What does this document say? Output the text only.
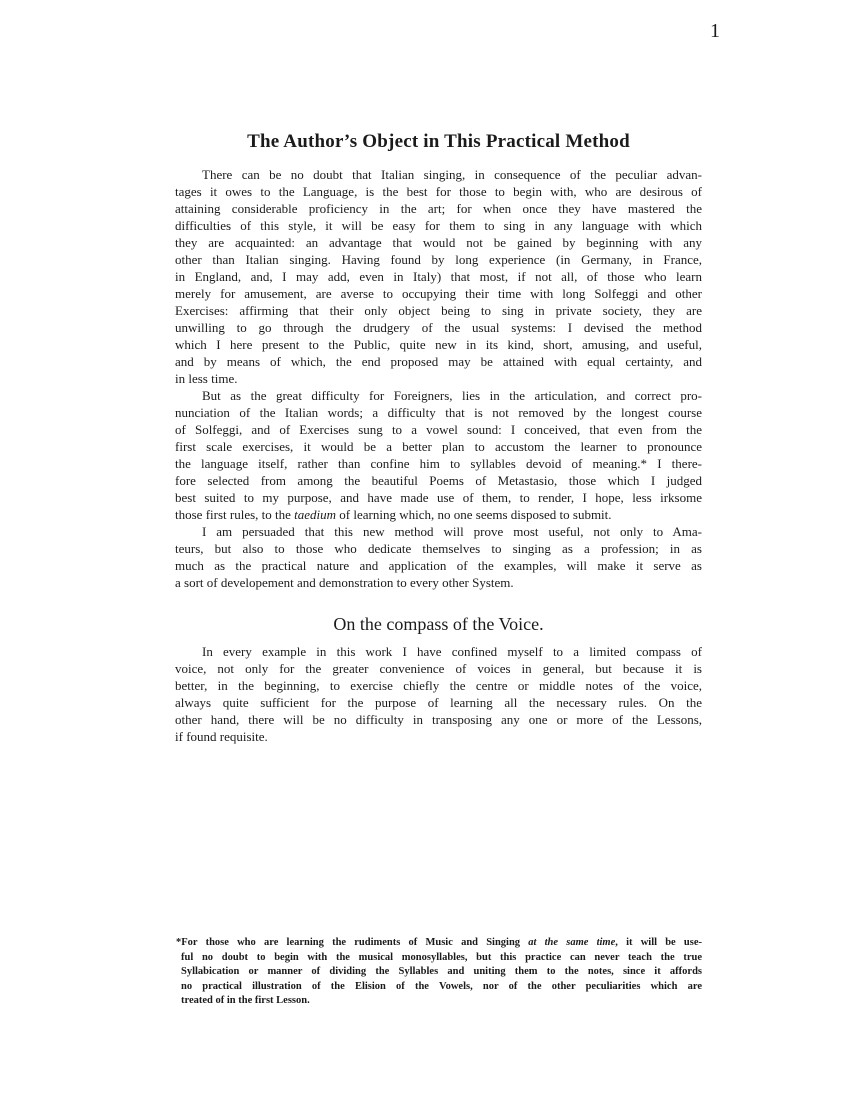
1
The Author’s Object in This Practical Method
There can be no doubt that Italian singing, in consequence of the peculiar advan-
tages it owes to the Language, is the best for those to begin with, who are desirous of
attaining considerable proficiency in the art; for when once they have mastered the
difficulties of this style, it will be easy for them to sing in any language with which
they are acquainted: an advantage that would not be gained by beginning with any
other than Italian singing. Having found by long experience (in Germany, in France,
in England, and, I may add, even in Italy) that most, if not all, of those who learn
merely for amusement, are averse to occupying their time with long Solfeggi and other
Exercises: affirming that their only object being to sing in private society, they are
unwilling to go through the drudgery of the usual systems: I devised the method
which I here present to the Public, quite new in its kind, short, amusing, and useful,
and by means of which, the end proposed may be attained with equal certainty, and
in less time.
But as the great difficulty for Foreigners, lies in the articulation, and correct pro-
nunciation of the Italian words; a difficulty that is not removed by the longest course
of Solfeggi, and of Exercises sung to a vowel sound: I conceived, that even from the
first scale exercises, it would be a better plan to accustom the learner to pronounce
the language itself, rather than confine him to syllables devoid of meaning.* I there-
fore selected from among the beautiful Poems of Metastasio, those which I judged
best suited to my purpose, and have made use of them, to render, I hope, less irksome
those first rules, to the taedium of learning which, no one seems disposed to submit.
I am persuaded that this new method will prove most useful, not only to Ama-
teurs, but also to those who dedicate themselves to singing as a profession; in as
much as the practical nature and application of the examples, will make it serve as
a sort of developement and demonstration to every other System.
On the compass of the Voice.
In every example in this work I have confined myself to a limited compass of
voice, not only for the greater convenience of voices in general, but because it is
better, in the beginning, to exercise chiefly the centre or middle notes of the voice,
always quite sufficient for the purpose of learning all the necessary rules. On the
other hand, there will be no difficulty in transposing any one or more of the Lessons,
if found requisite.
*For those who are learning the rudiments of Music and Singing at the same time, it will be use-
ful no doubt to begin with the musical monosyllables, but this practice can never teach the true
Syllabication or manner of dividing the Syllables and uniting them to the notes, since it affords
no practical illustration of the Elision of the Vowels, nor of the other peculiarities which are
treated of in the first Lesson.
